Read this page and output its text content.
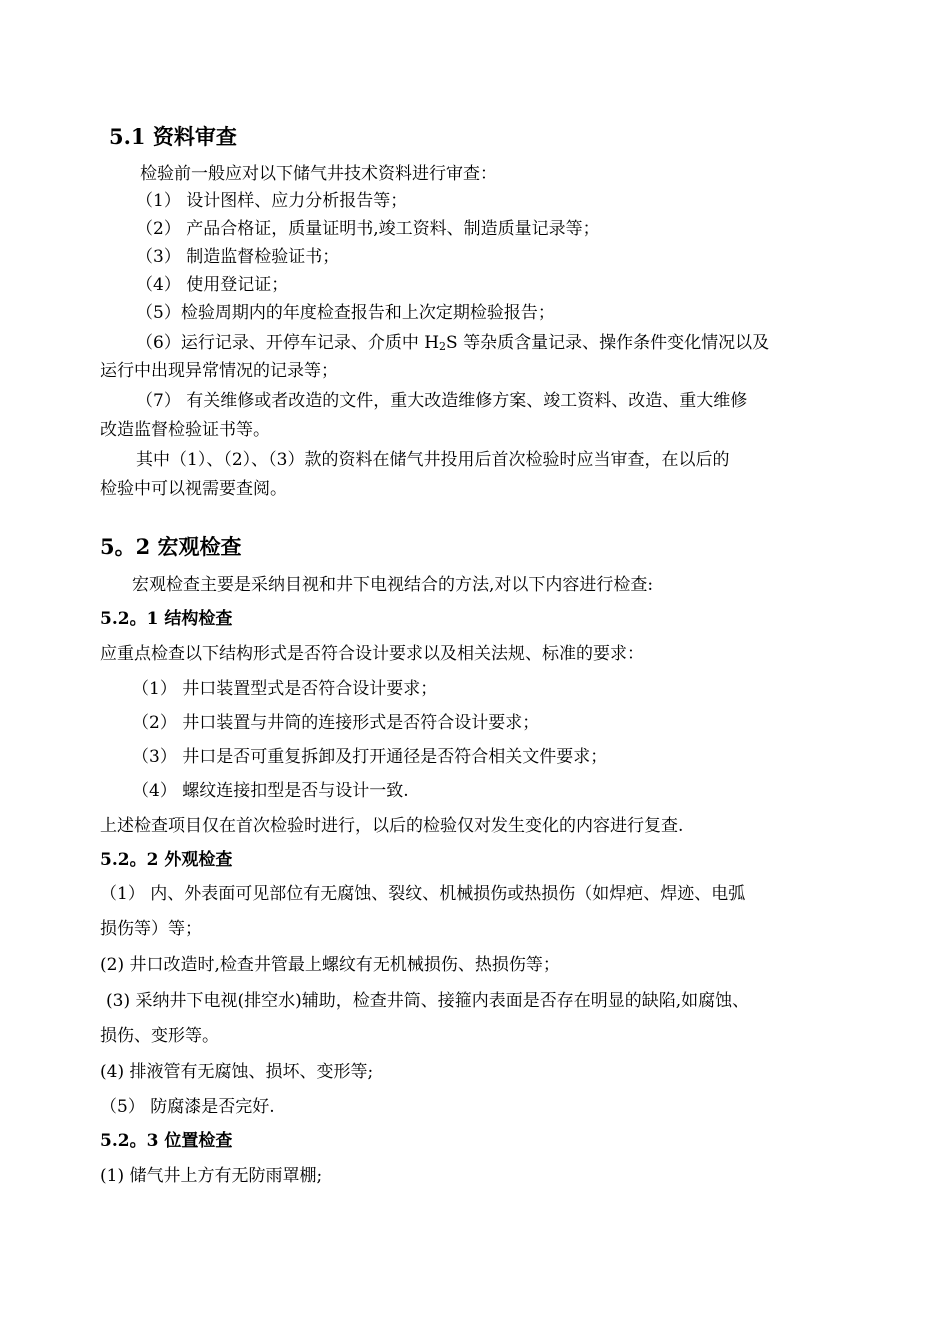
5.1 资料审查
检验前一般应对以下储气井技术资料进行审查：
（1） 设计图样、应力分析报告等；
（2） 产品合格证，质量证明书,竣工资料、制造质量记录等；
（3） 制造监督检验证书；
（4） 使用登记证；
（5）检验周期内的年度检查报告和上次定期检验报告；
（6）运行记录、开停车记录、介质中 $H_2S$ 等杂质含量记录、操作条件变化情况以及
运行中出现异常情况的记录等；
（7） 有关维修或者改造的文件，重大改造维修方案、竣工资料、改造、重大维修
改造监督检验证书等。
其中（1）、（2）、（3）款的资料在储气井投用后首次检验时应当审查，在以后的
检验中可以视需要查阅。
5。2 宏观检查
宏观检查主要是采纳目视和井下电视结合的方法,对以下内容进行检查:
5.2。1 结构检查
应重点检查以下结构形式是否符合设计要求以及相关法规、标准的要求：
（1） 井口装置型式是否符合设计要求；
（2） 井口装置与井筒的连接形式是否符合设计要求；
（3） 井口是否可重复拆卸及打开通径是否符合相关文件要求；
（4） 螺纹连接扣型是否与设计一致.
上述检查项目仅在首次检验时进行，以后的检验仅对发生变化的内容进行复查.
5.2。2 外观检查
（1） 内、外表面可见部位有无腐蚀、裂纹、机械损伤或热损伤（如焊疤、焊迹、电弧
损伤等）等；
(2) 井口改造时,检查井管最上螺纹有无机械损伤、热损伤等；
(3) 采纳井下电视(排空水)辅助，检查井筒、接箍内表面是否存在明显的缺陷,如腐蚀、
损伤、变形等。
(4) 排液管有无腐蚀、损坏、变形等;
（5） 防腐漆是否完好.
5.2。3 位置检查
(1) 储气井上方有无防雨罩棚;
